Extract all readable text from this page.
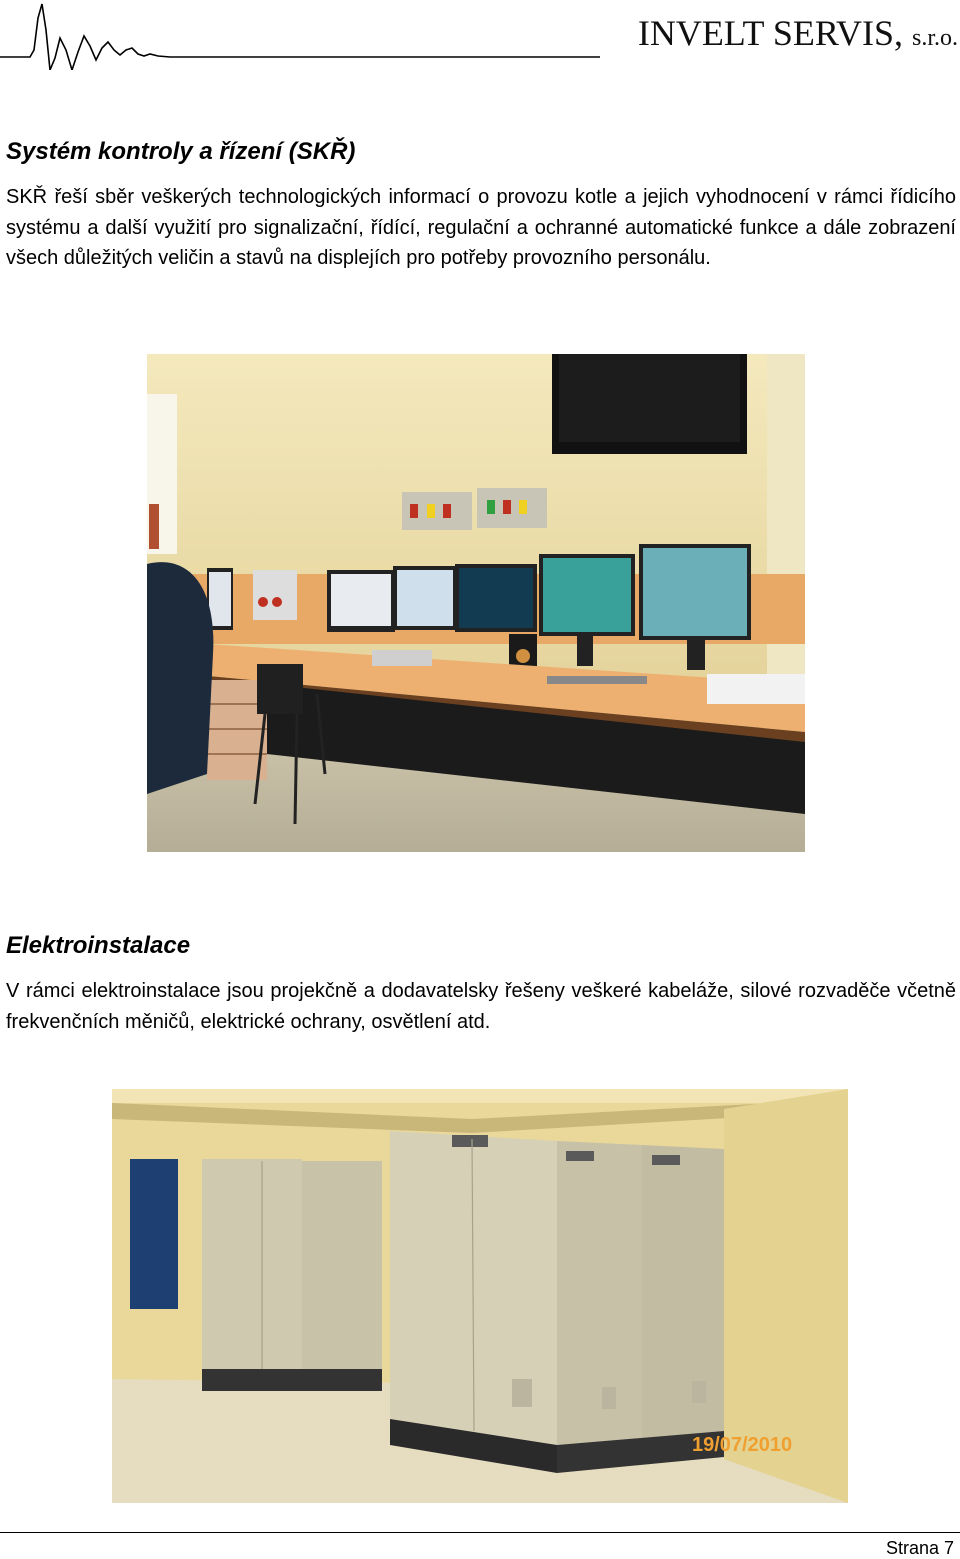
INVELT SERVIS, s.r.o.
Systém kontroly a řízení (SKŘ)

SKŘ řeší sběr veškerých technologických informací o provozu kotle a jejich vyhodnocení v rámci řídicího systému a další využití pro signalizační, řídící, regulační a ochranné automatické funkce a dále zobrazení všech důležitých veličin a stavů na displejích pro potřeby provozního personálu.

Elektroinstalace

V rámci elektroinstalace jsou projekčně a dodavatelsky řešeny veškeré kabeláže, silové rozvaděče včetně frekvenčních měničů, elektrické ochrany, osvětlení atd.

19/07/2010
Strana 7
